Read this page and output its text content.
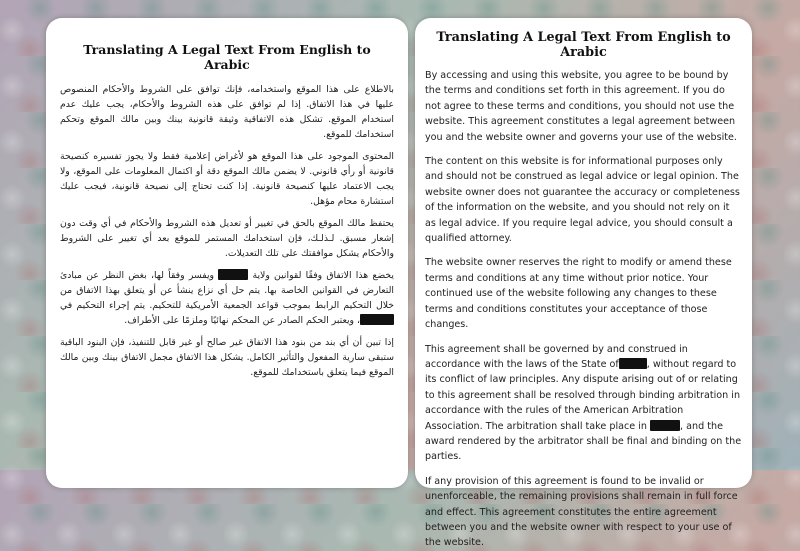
Translating A Legal Text From English to Arabic

بالاطلاع على هذا الموقع واستخدامه، فإنك توافق على الشروط والأحكام المنصوص عليها في هذا الاتفاق. إذا لم توافق على هذه الشروط والأحكام، يجب عليك عدم استخدام الموقع. تشكل هذه الاتفاقية وثيقة قانونية بينك وبين مالك الموقع وتحكم استخدامك للموقع.

المحتوى الموجود على هذا الموقع هو لأغراض إعلامية فقط ولا يجوز تفسيره كنصيحة قانونية أو رأي قانوني. لا يضمن مالك الموقع دقة أو اكتمال المعلومات على الموقع، ولا يجب الاعتماد عليها كنصيحة قانونية. إذا كنت تحتاج إلى نصيحة قانونية، فيجب عليك استشارة محام مؤهل.

يحتفظ مالك الموقع بالحق في تغيير أو تعديل هذه الشروط والأحكام في أي وقت دون إشعار مسبق. لـذلـك، فإن استخدامك المستمر للموقع بعد أي تغيير على الشروط والأحكام يشكل موافقتك على تلك التعديلات.

يخضع هذا الاتفاق وفقًا لقوانين ولاية  ويفسر وفقاً لها، بغض النظر عن مبادئ التعارض في القوانين الخاصة بها. يتم حل أي نزاع ينشأ عن أو يتعلق بهذا الاتفاق من خلال التحكيم الرابط بموجب قواعد الجمعية الأمريكية للتحكيم. يتم إجراء التحكيم في ، ويعتبر الحكم الصادر عن المحكم نهائيًا وملزمًا على الأطراف.

إذا تبين أن أي بند من بنود هذا الاتفاق غير صالح أو غير قابل للتنفيذ، فإن البنود الباقية ستبقى سارية المفعول والتأثير الكامل. يشكل هذا الاتفاق مجمل الاتفاق بينك وبين مالك الموقع فيما يتعلق باستخدامك للموقع.

Translating A Legal Text From English to Arabic

By accessing and using this website, you agree to be bound by the terms and conditions set forth in this agreement. If you do not agree to these terms and conditions, you should not use the website. This agreement constitutes a legal agreement between you and the website owner and governs your use of the website.

The content on this website is for informational purposes only and should not be construed as legal advice or legal opinion. The website owner does not guarantee the accuracy or completeness of the information on the website, and you should not rely on it as legal advice. If you require legal advice, you should consult a qualified attorney.

The website owner reserves the right to modify or amend these terms and conditions at any time without prior notice. Your continued use of the website following any changes to these terms and conditions constitutes your acceptance of those changes.

This agreement shall be governed by and construed in accordance with the laws of the State of	, without regard to its conflict of law principles. Any dispute arising out of or relating to this agreement shall be resolved through binding arbitration in accordance with the rules of the American Arbitration Association. The arbitration shall take place in	, and the award rendered by the arbitrator shall be final and binding on the parties.

If any provision of this agreement is found to be invalid or unenforceable, the remaining provisions shall remain in full force and effect. This agreement constitutes the entire agreement between you and the website owner with respect to your use of the website.
